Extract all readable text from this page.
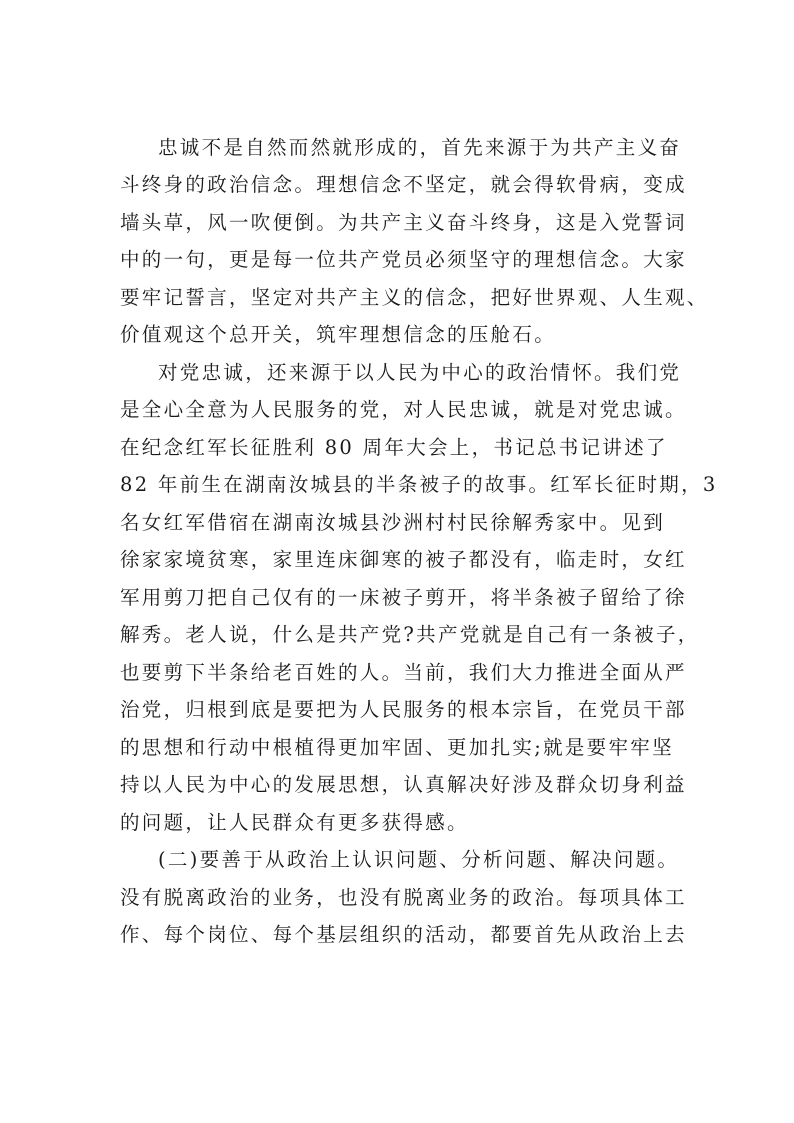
忠诚不是自然而然就形成的，首先来源于为共产主义奋
斗终身的政治信念。理想信念不坚定，就会得软骨病，变成
墙头草，风一吹便倒。为共产主义奋斗终身，这是入党誓词
中的一句，更是每一位共产党员必须坚守的理想信念。大家
要牢记誓言，坚定对共产主义的信念，把好世界观、人生观、
价值观这个总开关，筑牢理想信念的压舱石。
对党忠诚，还来源于以人民为中心的政治情怀。我们党
是全心全意为人民服务的党，对人民忠诚，就是对党忠诚。
在纪念红军长征胜利 80 周年大会上，书记总书记讲述了
82 年前生在湖南汝城县的半条被子的故事。红军长征时期，3
名女红军借宿在湖南汝城县沙洲村村民徐解秀家中。见到
徐家家境贫寒，家里连床御寒的被子都没有，临走时，女红
军用剪刀把自己仅有的一床被子剪开，将半条被子留给了徐
解秀。老人说，什么是共产党?共产党就是自己有一条被子，
也要剪下半条给老百姓的人。当前，我们大力推进全面从严
治党，归根到底是要把为人民服务的根本宗旨，在党员干部
的思想和行动中根植得更加牢固、更加扎实;就是要牢牢坚
持以人民为中心的发展思想，认真解决好涉及群众切身利益
的问题，让人民群众有更多获得感。
(二)要善于从政治上认识问题、分析问题、解决问题。
没有脱离政治的业务，也没有脱离业务的政治。每项具体工
作、每个岗位、每个基层组织的活动，都要首先从政治上去
